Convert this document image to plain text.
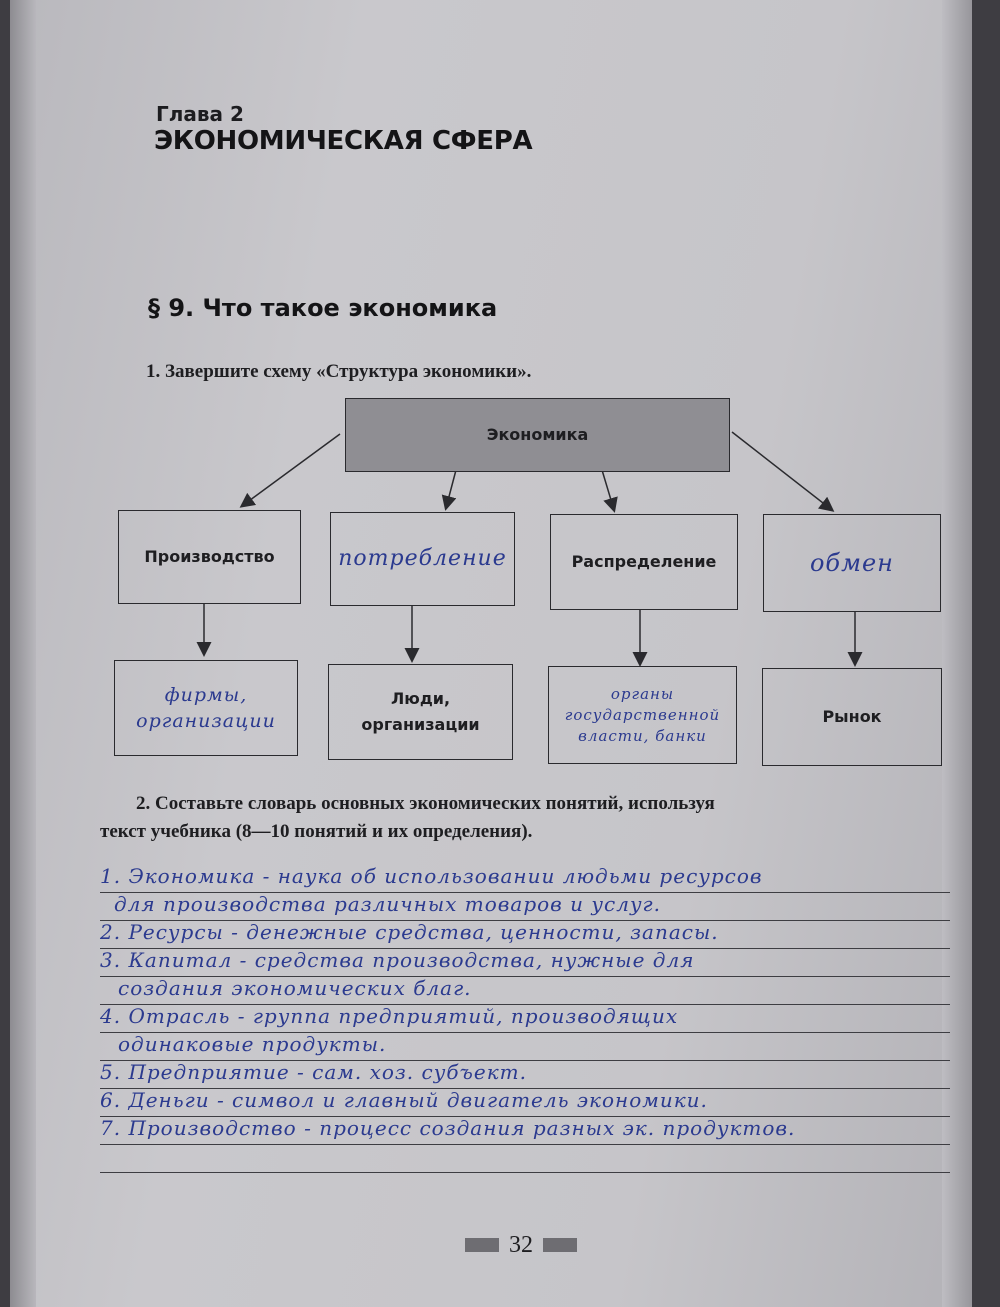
Глава 2
ЭКОНОМИЧЕСКАЯ СФЕРА
§ 9. Что такое экономика
1. Завершите схему «Структура экономики».
Экономика
Производство	потребление	Распределение	обмен
фирмы, организации
Люди, организации
органы государственной власти, банки
Рынок
2. Составьте словарь основных экономических понятий, используя
текст учебника (8—10 понятий и их определения).
1. Экономика - наука об использовании людьми ресурсов
для производства различных товаров и услуг.
2. Ресурсы - денежные средства, ценности, запасы.
3. Капитал - средства производства, нужные для
создания экономических благ.
4. Отрасль - группа предприятий, производящих
одинаковые продукты.
5. Предприятие - сам. хоз. субъект.
6. Деньги - символ и главный двигатель экономики.
7. Производство - процесс создания разных эк. продуктов.
32
